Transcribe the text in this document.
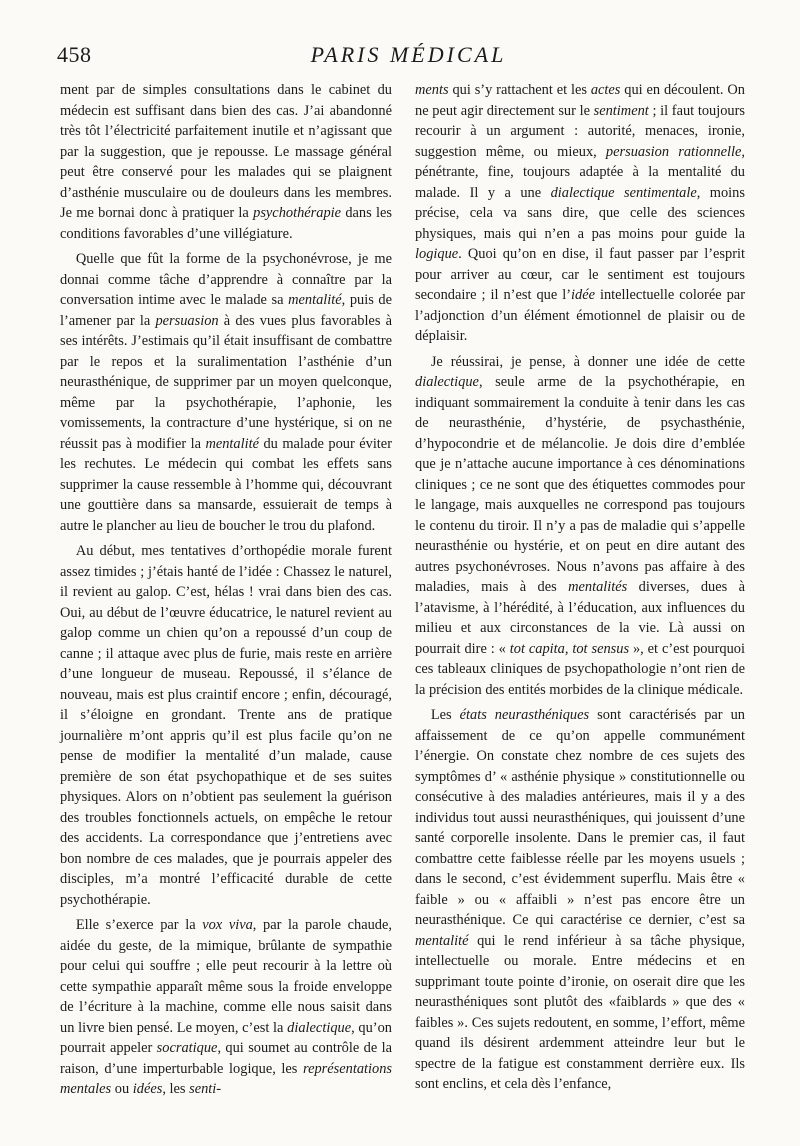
458	PARIS MÉDICAL

ment par de simples consultations dans le cabinet du médecin est suffisant dans bien des cas. J’ai abandonné très tôt l’électricité parfaitement inutile et n’agissant que par la suggestion, que je repousse. Le massage général peut être conservé pour les malades qui se plaignent d’asthénie musculaire ou de douleurs dans les membres. Je me bornai donc à pratiquer la psychothérapie dans les conditions favorables d’une villégiature.

Quelle que fût la forme de la psychonévrose, je me donnai comme tâche d’apprendre à connaître par la conversation intime avec le malade sa mentalité, puis de l’amener par la persuasion à des vues plus favorables à ses intérêts. J’estimais qu’il était insuffisant de combattre par le repos et la suralimentation l’asthénie d’un neurasthénique, de supprimer par un moyen quelconque, même par la psychothérapie, l’aphonie, les vomissements, la contracture d’une hystérique, si on ne réussit pas à modifier la mentalité du malade pour éviter les rechutes. Le médecin qui combat les effets sans supprimer la cause ressemble à l’homme qui, découvrant une gouttière dans sa mansarde, essuierait de temps à autre le plancher au lieu de boucher le trou du plafond.

Au début, mes tentatives d’orthopédie morale furent assez timides ; j’étais hanté de l’idée : Chassez le naturel, il revient au galop. C’est, hélas ! vrai dans bien des cas. Oui, au début de l’œuvre éducatrice, le naturel revient au galop comme un chien qu’on a repoussé d’un coup de canne ; il attaque avec plus de furie, mais reste en arrière d’une longueur de museau. Repoussé, il s’élance de nouveau, mais est plus craintif encore ; enfin, découragé, il s’éloigne en grondant. Trente ans de pratique journalière m’ont appris qu’il est plus facile qu’on ne pense de modifier la mentalité d’un malade, cause première de son état psychopathique et de ses suites physiques. Alors on n’obtient pas seulement la guérison des troubles fonctionnels actuels, on empêche le retour des accidents. La correspondance que j’entretiens avec bon nombre de ces malades, que je pourrais appeler des disciples, m’a montré l’efficacité durable de cette psychothérapie.

Elle s’exerce par la vox viva, par la parole chaude, aidée du geste, de la mimique, brûlante de sympathie pour celui qui souffre ; elle peut recourir à la lettre où cette sympathie apparaît même sous la froide enveloppe de l’écriture à la machine, comme elle nous saisit dans un livre bien pensé. Le moyen, c’est la dialectique, qu’on pourrait appeler socratique, qui soumet au contrôle de la raison, d’une imperturbable logique, les représentations mentales ou idées, les senti-

ments qui s’y rattachent et les actes qui en découlent. On ne peut agir directement sur le sentiment ; il faut toujours recourir à un argument : autorité, menaces, ironie, suggestion même, ou mieux, persuasion rationnelle, pénétrante, fine, toujours adaptée à la mentalité du malade. Il y a une dialectique sentimentale, moins précise, cela va sans dire, que celle des sciences physiques, mais qui n’en a pas moins pour guide la logique. Quoi qu’on en dise, il faut passer par l’esprit pour arriver au cœur, car le sentiment est toujours secondaire ; il n’est que l’idée intellectuelle colorée par l’adjonction d’un élément émotionnel de plaisir ou de déplaisir.

Je réussirai, je pense, à donner une idée de cette dialectique, seule arme de la psychothérapie, en indiquant sommairement la conduite à tenir dans les cas de neurasthénie, d’hystérie, de psychasthénie, d’hypocondrie et de mélancolie. Je dois dire d’emblée que je n’attache aucune importance à ces dénominations cliniques ; ce ne sont que des étiquettes commodes pour le langage, mais auxquelles ne correspond pas toujours le contenu du tiroir. Il n’y a pas de maladie qui s’appelle neurasthénie ou hystérie, et on peut en dire autant des autres psychonévroses. Nous n’avons pas affaire à des maladies, mais à des mentalités diverses, dues à l’atavisme, à l’hérédité, à l’éducation, aux influences du milieu et aux circonstances de la vie. Là aussi on pourrait dire : « tot capita, tot sensus », et c’est pourquoi ces tableaux cliniques de psychopathologie n’ont rien de la précision des entités morbides de la clinique médicale.

Les états neurasthéniques sont caractérisés par un affaissement de ce qu’on appelle communément l’énergie. On constate chez nombre de ces sujets des symptômes d’ « asthénie physique » constitutionnelle ou consécutive à des maladies antérieures, mais il y a des individus tout aussi neurasthéniques, qui jouissent d’une santé corporelle insolente. Dans le premier cas, il faut combattre cette faiblesse réelle par les moyens usuels ; dans le second, c’est évidemment superflu. Mais être « faible » ou « affaibli » n’est pas encore être un neurasthénique. Ce qui caractérise ce dernier, c’est sa mentalité qui le rend inférieur à sa tâche physique, intellectuelle ou morale. Entre médecins et en supprimant toute pointe d’ironie, on oserait dire que les neurasthéniques sont plutôt des «faiblards » que des « faibles ». Ces sujets redoutent, en somme, l’effort, même quand ils désirent ardemment atteindre leur but le spectre de la fatigue est constamment derrière eux. Ils sont enclins, et cela dès l’enfance,
